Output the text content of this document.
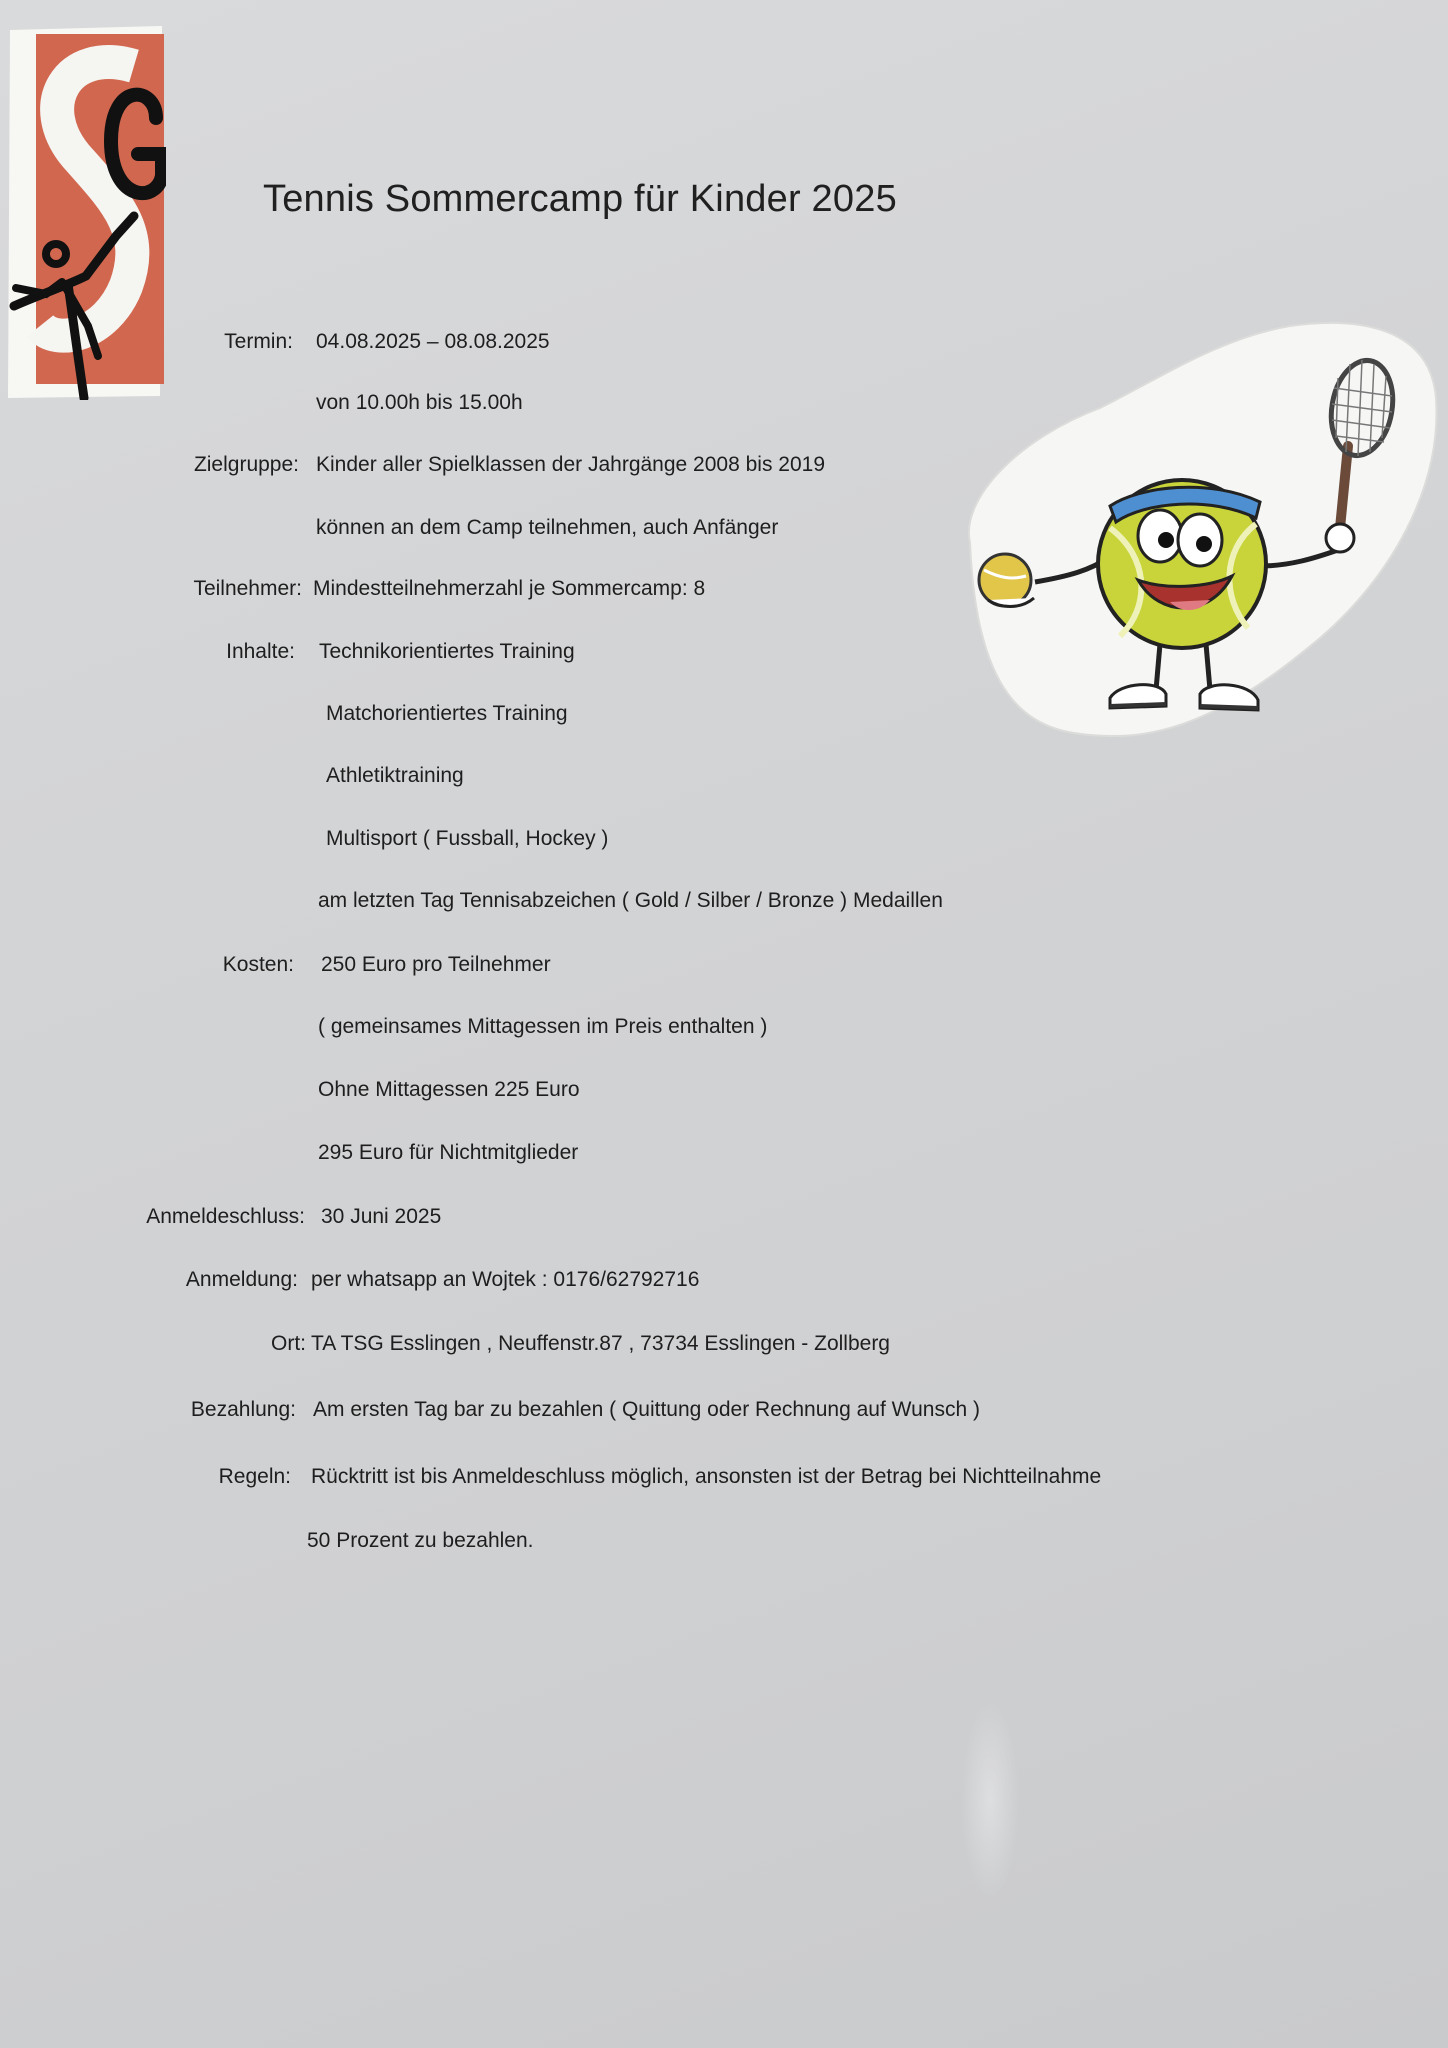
Tennis Sommercamp für Kinder 2025
Termin: 04.08.2025 – 08.08.2025
von 10.00h bis 15.00h
Zielgruppe: Kinder aller Spielklassen der Jahrgänge 2008 bis 2019
können an dem Camp teilnehmen, auch Anfänger
Teilnehmer: Mindestteilnehmerzahl je Sommercamp: 8
Inhalte: Technikorientiertes Training
Matchorientiertes Training
Athletiktraining
Multisport ( Fussball, Hockey )
am letzten Tag Tennisabzeichen ( Gold / Silber / Bronze ) Medaillen
Kosten: 250 Euro pro Teilnehmer
( gemeinsames Mittagessen im Preis enthalten )
Ohne Mittagessen 225 Euro
295 Euro für Nichtmitglieder
Anmeldeschluss: 30 Juni 2025
Anmeldung: per whatsapp an Wojtek : 0176/62792716
Ort: TA TSG Esslingen , Neuffenstr.87 , 73734 Esslingen - Zollberg
Bezahlung: Am ersten Tag bar zu bezahlen ( Quittung oder Rechnung auf Wunsch )
Regeln: Rücktritt ist bis Anmeldeschluss möglich, ansonsten ist der Betrag bei Nichtteilnahme
50 Prozent zu bezahlen.
